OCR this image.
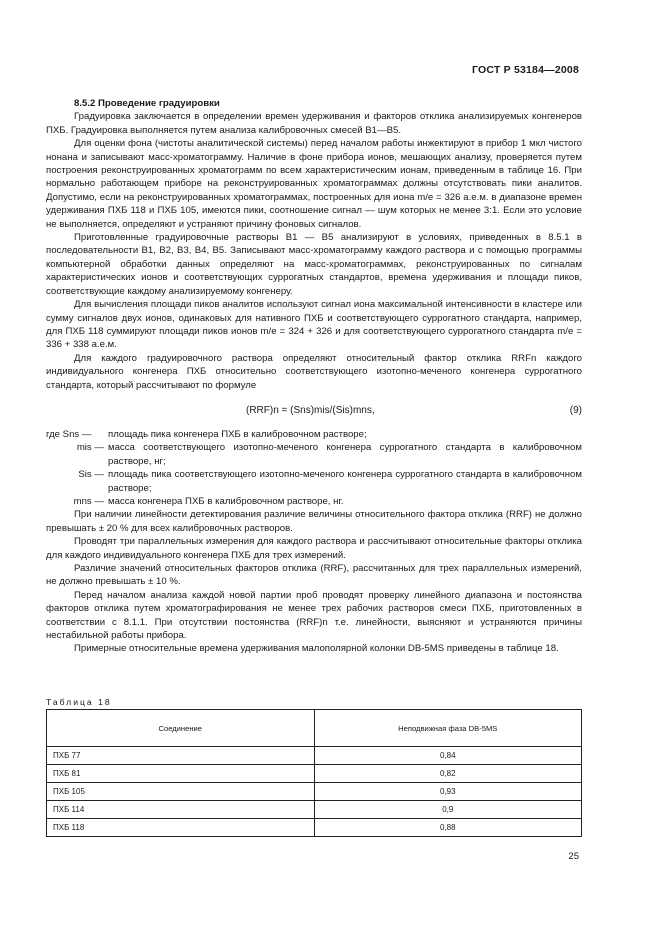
ГОСТ Р 53184—2008

8.5.2 Проведение градуировки

Градуировка заключается в определении времен удерживания и факторов отклика анализируемых конгенеров ПХБ. Градуировка выполняется путем анализа калибровочных смесей В1—В5.

Для оценки фона (чистоты аналитической системы) перед началом работы инжектируют в прибор 1 мкл чистого нонана и записывают масс-хроматограмму. Наличие в фоне прибора ионов, мешающих анализу, проверяется путем построения реконструированных хроматограмм по всем характеристическим ионам, приведенным в таблице 16. При нормально работающем приборе на реконструированных хроматограммах должны отсутствовать пики аналитов. Допустимо, если на реконструированных хроматограммах, построенных для иона m/e = 326 а.е.м. в диапазоне времен удерживания ПХБ 118 и ПХБ 105, имеются пики, соотношение сигнал — шум которых не менее 3:1. Если это условие не выполняется, определяют и устраняют причину фоновых сигналов.

Приготовленные градуировочные растворы В1 — В5 анализируют в условиях, приведенных в 8.5.1 в последовательности В1, В2, В3, В4, В5. Записывают масс-хроматограмму каждого раствора и с помощью программы компьютерной обработки данных определяют на масс-хроматограммах, реконструированных по сигналам характеристических ионов и соответствующих суррогатных стандартов, времена удерживания и площади пиков, соответствующие каждому анализируемому конгенеру.

Для вычисления площади пиков аналитов используют сигнал иона максимальной интенсивности в кластере или сумму сигналов двух ионов, одинаковых для нативного ПХБ и соответствующего суррогатного стандарта, например, для ПХБ 118 суммируют площади пиков ионов m/e = 324 + 326 и для соответствующего суррогатного стандарта m/e = 336 + 338 а.е.м.

Для каждого градуировочного раствора определяют относительный фактор отклика RRFn каждого индивидуального конгенера ПХБ относительно соответствующего изотопно-меченого конгенера суррогатного стандарта, который рассчитывают по формуле

(RRF)n = (Sns)mis/(Sis)mns,	(9)
где Sns —	площадь пика конгенера ПХБ в калибровочном растворе;
mis — масса соответствующего изотопно-меченого конгенера суррогатного стандарта в калибровочном растворе, нг;
Sis — площадь пика соответствующего изотопно-меченого конгенера суррогатного стандарта в калибровочном растворе;
mns — масса конгенера ПХБ в калибровочном растворе, нг.

При наличии линейности детектирования различие величины относительного фактора отклика (RRF) не должно превышать ± 20 % для всех калибровочных растворов.

Проводят три параллельных измерения для каждого раствора и рассчитывают относительные факторы отклика для каждого индивидуального конгенера ПХБ для трех измерений.

Различие значений относительных факторов отклика (RRF), рассчитанных для трех параллельных измерений, не должно превышать ± 10 %.

Перед началом анализа каждой новой партии проб проводят проверку линейного диапазона и постоянства факторов отклика путем хроматографирования не менее трех рабочих растворов смеси ПХБ, приготовленных в соответствии с 8.1.1. При отсутствии постоянства (RRF)n т.е. линейности, выясняют и устраняются причины нестабильной работы прибора.

Примерные относительные времена удерживания малополярной колонки DB-5MS приведены в таблице 18.

Таблица 18
Соединение	Неподвижная фаза DB-5MS
ПХБ 77	0,84
ПХБ 81	0,82
ПХБ 105	0,93
ПХБ 114	0,9
ПХБ 118	0,88
25
